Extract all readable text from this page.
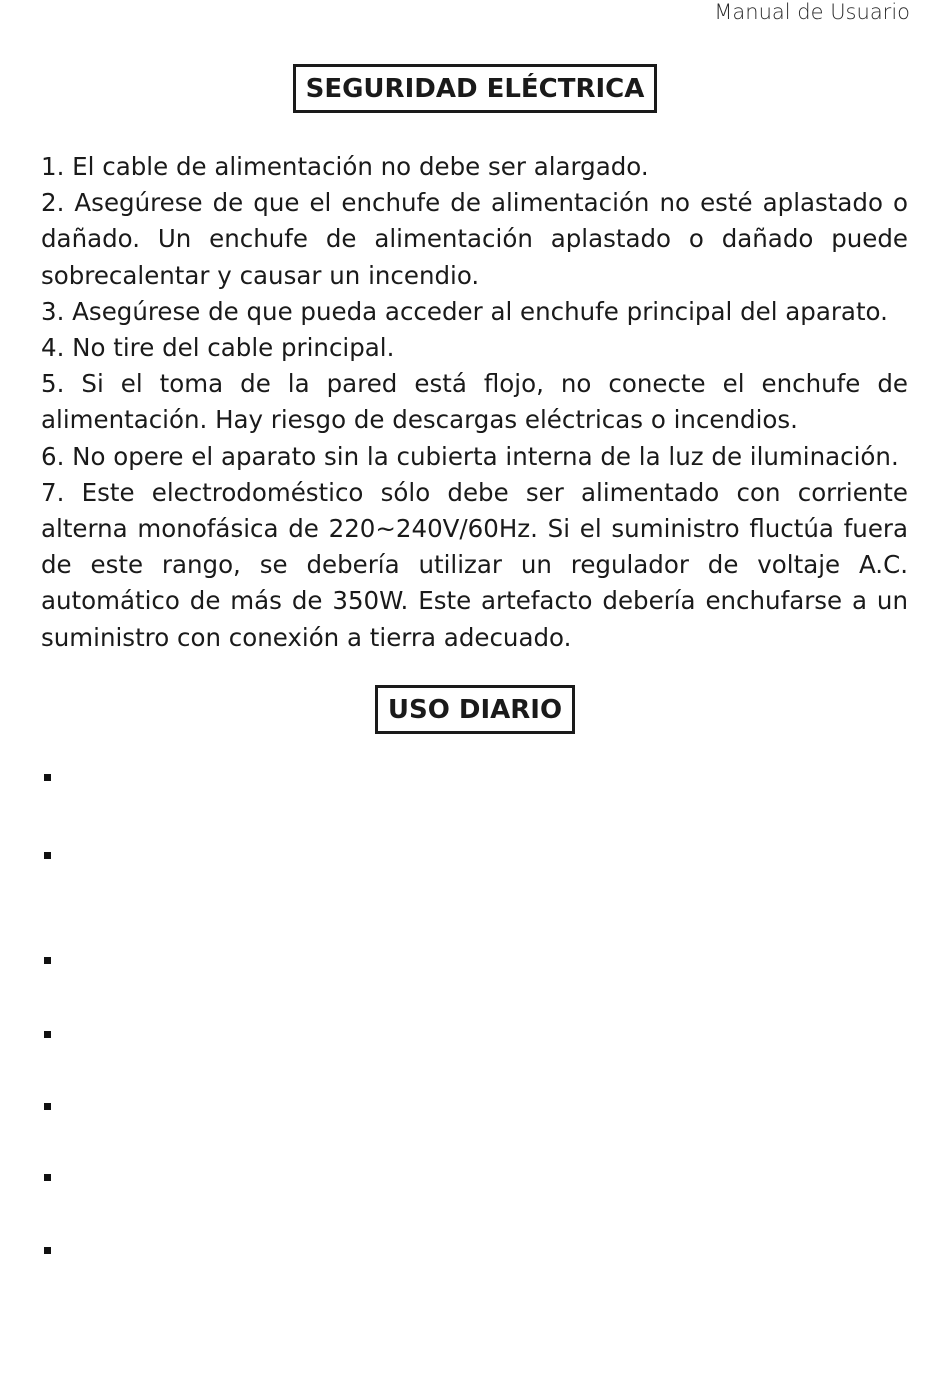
Manual de Usuario
SEGURIDAD ELÉCTRICA

1. El cable de alimentación no debe ser alargado.

2. Asegúrese de que el enchufe de alimentación no esté aplastado o dañado. Un enchufe de alimentación aplastado o dañado puede sobrecalentar y causar un incendio.

3. Asegúrese de que pueda acceder al enchufe principal del aparato.

4. No tire del cable principal.

5. Si el toma de la pared está flojo, no conecte el enchufe de alimentación. Hay riesgo de descargas eléctricas o incendios.

6. No opere el aparato sin la cubierta interna de la luz de iluminación.

7. Este electrodoméstico sólo debe ser alimentado con corriente alterna monofásica de 220~240V/60Hz. Si el suministro fluctúa fuera de este rango, se debería utilizar un regulador de voltaje A.C. automático de más de 350W. Este artefacto debería enchufarse a un suministro con conexión a tierra adecuado.

USO DIARIO
